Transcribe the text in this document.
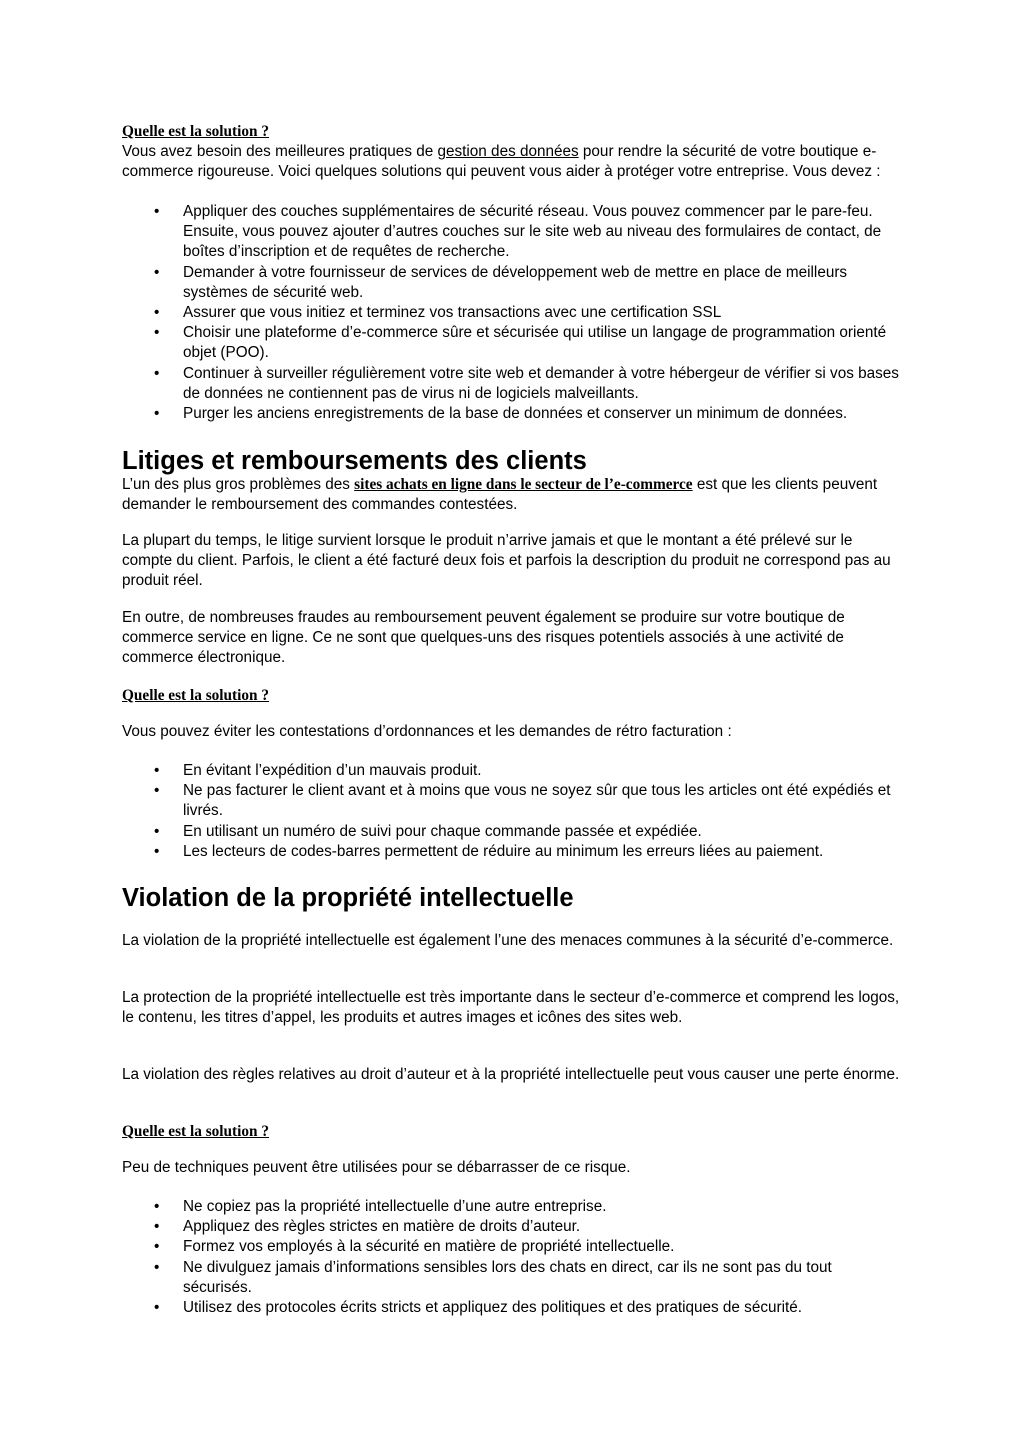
Quelle est la solution ?

Vous avez besoin des meilleures pratiques de gestion des données pour rendre la sécurité de votre boutique e-commerce rigoureuse. Voici quelques solutions qui peuvent vous aider à protéger votre entreprise. Vous devez :

• Appliquer des couches supplémentaires de sécurité réseau. Vous pouvez commencer par le pare-feu. Ensuite, vous pouvez ajouter d’autres couches sur le site web au niveau des formulaires de contact, de boîtes d’inscription et de requêtes de recherche.
• Demander à votre fournisseur de services de développement web de mettre en place de meilleurs systèmes de sécurité web.
• Assurer que vous initiez et terminez vos transactions avec une certification SSL
• Choisir une plateforme d’e-commerce sûre et sécurisée qui utilise un langage de programmation orienté objet (POO).
• Continuer à surveiller régulièrement votre site web et demander à votre hébergeur de vérifier si vos bases de données ne contiennent pas de virus ni de logiciels malveillants.
• Purger les anciens enregistrements de la base de données et conserver un minimum de données.
Litiges et remboursements des clients

L’un des plus gros problèmes des sites achats en ligne dans le secteur de l’e-commerce est que les clients peuvent demander le remboursement des commandes contestées.

La plupart du temps, le litige survient lorsque le produit n’arrive jamais et que le montant a été prélevé sur le compte du client. Parfois, le client a été facturé deux fois et parfois la description du produit ne correspond pas au produit réel.

En outre, de nombreuses fraudes au remboursement peuvent également se produire sur votre boutique de commerce service en ligne. Ce ne sont que quelques-uns des risques potentiels associés à une activité de commerce électronique.

Quelle est la solution ?

Vous pouvez éviter les contestations d’ordonnances et les demandes de rétro facturation :

• En évitant l’expédition d’un mauvais produit.
• Ne pas facturer le client avant et à moins que vous ne soyez sûr que tous les articles ont été expédiés et livrés.
• En utilisant un numéro de suivi pour chaque commande passée et expédiée.
• Les lecteurs de codes-barres permettent de réduire au minimum les erreurs liées au paiement.
Violation de la propriété intellectuelle

La violation de la propriété intellectuelle est également l’une des menaces communes à la sécurité d’e-commerce.

La protection de la propriété intellectuelle est très importante dans le secteur d’e-commerce et comprend les logos, le contenu, les titres d’appel, les produits et autres images et icônes des sites web.

La violation des règles relatives au droit d’auteur et à la propriété intellectuelle peut vous causer une perte énorme.

Quelle est la solution ?

Peu de techniques peuvent être utilisées pour se débarrasser de ce risque.

• Ne copiez pas la propriété intellectuelle d’une autre entreprise.
• Appliquez des règles strictes en matière de droits d’auteur.
• Formez vos employés à la sécurité en matière de propriété intellectuelle.
• Ne divulguez jamais d’informations sensibles lors des chats en direct, car ils ne sont pas du tout sécurisés.
• Utilisez des protocoles écrits stricts et appliquez des politiques et des pratiques de sécurité.
